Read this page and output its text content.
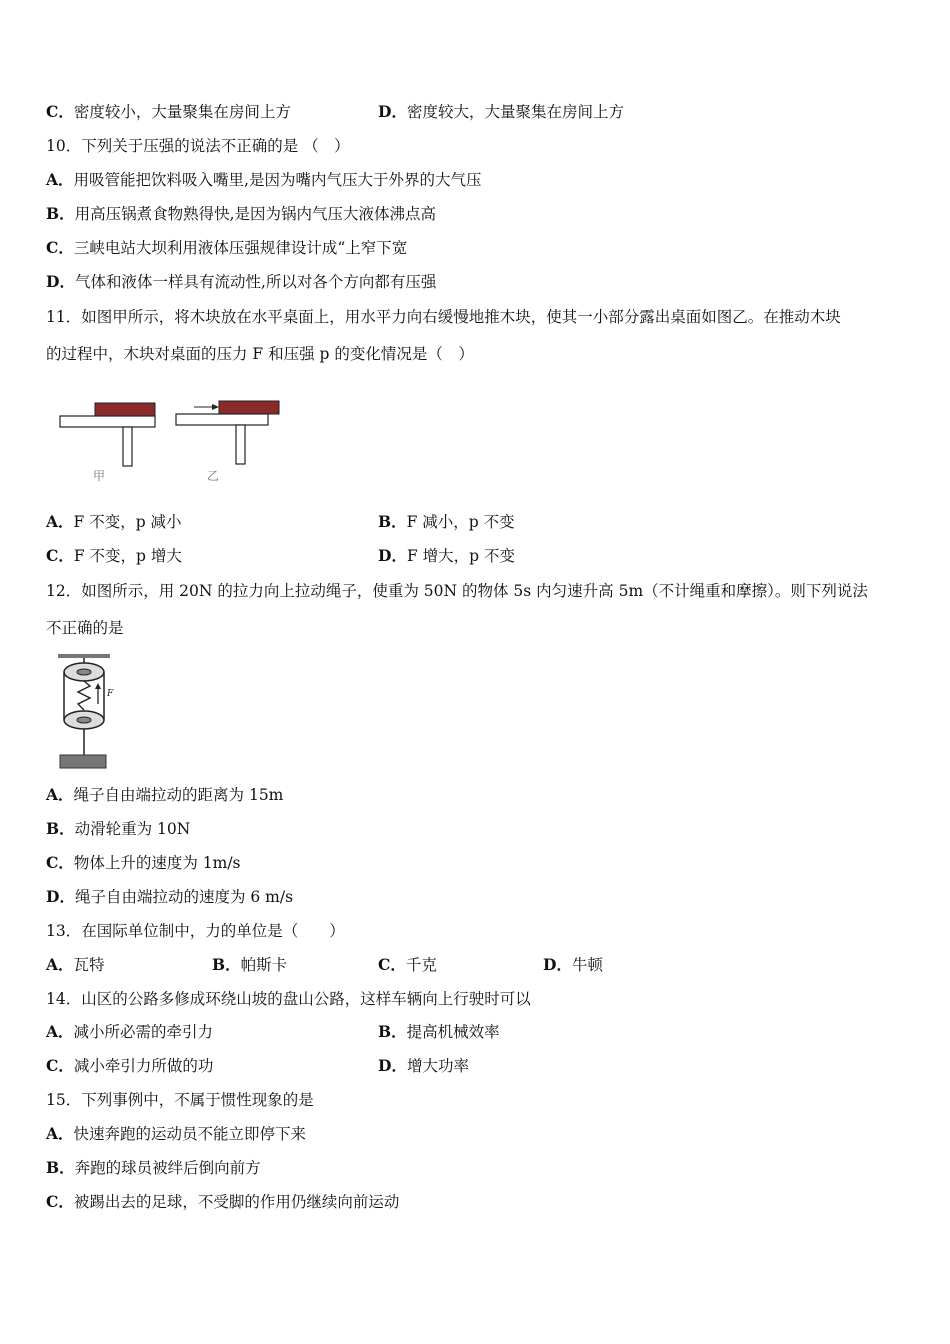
C．密度较小，大量聚集在房间上方	D．密度较大，大量聚集在房间上方
10．下列关于压强的说法不正确的是 （　）
A．用吸管能把饮料吸入嘴里,是因为嘴内气压大于外界的大气压
B．用高压锅煮食物熟得快,是因为锅内气压大液体沸点高
C．三峡电站大坝利用液体压强规律设计成“上窄下宽
D．气体和液体一样具有流动性,所以对各个方向都有压强
11．如图甲所示，将木块放在水平桌面上，用水平力向右缓慢地推木块，使其一小部分露出桌面如图乙。在推动木块
的过程中，木块对桌面的压力 F 和压强 p 的变化情况是（　）
甲	乙
A．F 不变，p 减小	B．F 减小，p 不变
C．F 不变，p 增大	D．F 增大，p 不变
12．如图所示，用 20N 的拉力向上拉动绳子，使重为 50N 的物体 5s 内匀速升高 5m（不计绳重和摩擦）。则下列说法
不正确的是
F
A．绳子自由端拉动的距离为 15m
B．动滑轮重为 10N
C．物体上升的速度为 1m/s
D．绳子自由端拉动的速度为 6 m/s
13．在国际单位制中，力的单位是（　　）
A．瓦特	B．帕斯卡	C．千克	D．牛顿
14．山区的公路多修成环绕山坡的盘山公路，这样车辆向上行驶时可以
A．减小所必需的牵引力	B．提高机械效率
C．减小牵引力所做的功	D．增大功率
15．下列事例中，不属于惯性现象的是
A．快速奔跑的运动员不能立即停下来
B．奔跑的球员被绊后倒向前方
C．被踢出去的足球，不受脚的作用仍继续向前运动
